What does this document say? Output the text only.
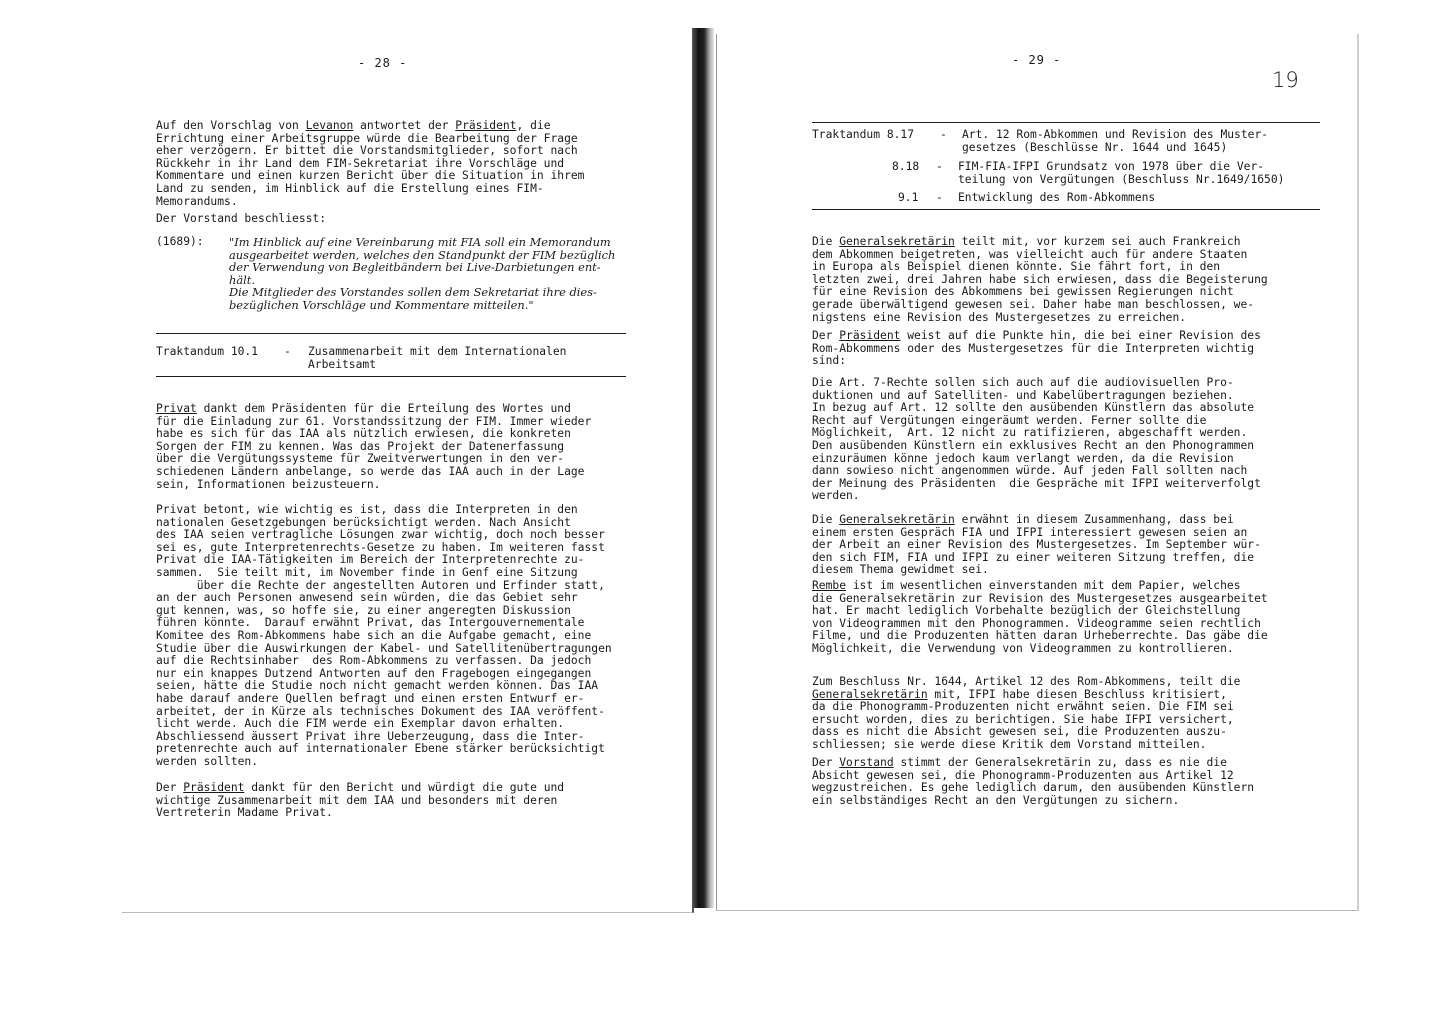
- 28 -
Auf den Vorschlag von Levanon antwortet der Präsident, die
Errichtung einer Arbeitsgruppe würde die Bearbeitung der Frage
eher verzögern. Er bittet die Vorstandsmitglieder, sofort nach
Rückkehr in ihr Land dem FIM-Sekretariat ihre Vorschläge und
Kommentare und einen kurzen Bericht über die Situation in ihrem
Land zu senden, im Hinblick auf die Erstellung eines FIM-
Memorandums.
Der Vorstand beschliesst:
(1689): "Im Hinblick auf eine Vereinbarung mit FIA soll ein Memorandum
ausgearbeitet werden, welches den Standpunkt der FIM bezüglich
der Verwendung von Begleitbändern bei Live-Darbietungen ent-
hält.
Die Mitglieder des Vorstandes sollen dem Sekretariat ihre dies-
bezüglichen Vorschläge und Kommentare mitteilen."
Traktandum 10.1 - Zusammenarbeit mit dem Internationalen
Arbeitsamt
Privat dankt dem Präsidenten für die Erteilung des Wortes und
für die Einladung zur 61. Vorstandssitzung der FIM. Immer wieder
habe es sich für das IAA als nützlich erwiesen, die konkreten
Sorgen der FIM zu kennen. Was das Projekt der Datenerfassung
über die Vergütungssysteme für Zweitverwertungen in den ver-
schiedenen Ländern anbelange, so werde das IAA auch in der Lage
sein, Informationen beizusteuern.
Privat betont, wie wichtig es ist, dass die Interpreten in den
nationalen Gesetzgebungen berücksichtigt werden. Nach Ansicht
des IAA seien vertragliche Lösungen zwar wichtig, doch noch besser
sei es, gute Interpretenrechts-Gesetze zu haben. Im weiteren fasst
Privat die IAA-Tätigkeiten im Bereich der Interpretenrechte zu-
sammen.  Sie teilt mit, im November finde in Genf eine Sitzung
über die Rechte der angestellten Autoren und Erfinder statt,
an der auch Personen anwesend sein würden, die das Gebiet sehr
gut kennen, was, so hoffe sie, zu einer angeregten Diskussion
führen könnte.  Darauf erwähnt Privat, das Intergouvernementale
Komitee des Rom-Abkommens habe sich an die Aufgabe gemacht, eine
Studie über die Auswirkungen der Kabel- und Satellitenübertragungen
auf die Rechtsinhaber  des Rom-Abkommens zu verfassen. Da jedoch
nur ein knappes Dutzend Antworten auf den Fragebogen eingegangen
seien, hätte die Studie noch nicht gemacht werden können. Das IAA
habe darauf andere Quellen befragt und einen ersten Entwurf er-
arbeitet, der in Kürze als technisches Dokument des IAA veröffent-
licht werde. Auch die FIM werde ein Exemplar davon erhalten.
Abschliessend äussert Privat ihre Ueberzeugung, dass die Inter-
pretenrechte auch auf internationaler Ebene stärker berücksichtigt
werden sollten.
Der Präsident dankt für den Bericht und würdigt die gute und
wichtige Zusammenarbeit mit dem IAA und besonders mit deren
Vertreterin Madame Privat.
- 29 -
19
Traktandum 8.17 - Art. 12 Rom-Abkommen und Revision des Muster-
gesetzes (Beschlüsse Nr. 1644 und 1645)
8.18 - FIM-FIA-IFPI Grundsatz von 1978 über die Ver-
teilung von Vergütungen (Beschluss Nr.1649/1650)
9.1 - Entwicklung des Rom-Abkommens
Die Generalsekretärin teilt mit, vor kurzem sei auch Frankreich
dem Abkommen beigetreten, was vielleicht auch für andere Staaten
in Europa als Beispiel dienen könnte. Sie fährt fort, in den
letzten zwei, drei Jahren habe sich erwiesen, dass die Begeisterung
für eine Revision des Abkommens bei gewissen Regierungen nicht
gerade überwältigend gewesen sei. Daher habe man beschlossen, we-
nigstens eine Revision des Mustergesetzes zu erreichen.
Der Präsident weist auf die Punkte hin, die bei einer Revision des
Rom-Abkommens oder des Mustergesetzes für die Interpreten wichtig
sind:
Die Art. 7-Rechte sollen sich auch auf die audiovisuellen Pro-
duktionen und auf Satelliten- und Kabelübertragungen beziehen.
In bezug auf Art. 12 sollte den ausübenden Künstlern das absolute
Recht auf Vergütungen eingeräumt werden. Ferner sollte die
Möglichkeit,  Art. 12 nicht zu ratifizieren, abgeschafft werden.
Den ausübenden Künstlern ein exklusives Recht an den Phonogrammen
einzuräumen könne jedoch kaum verlangt werden, da die Revision
dann sowieso nicht angenommen würde. Auf jeden Fall sollten nach
der Meinung des Präsidenten  die Gespräche mit IFPI weiterverfolgt
werden.
Die Generalsekretärin erwähnt in diesem Zusammenhang, dass bei
einem ersten Gespräch FIA und IFPI interessiert gewesen seien an
der Arbeit an einer Revision des Mustergesetzes. Im September wür-
den sich FIM, FIA und IFPI zu einer weiteren Sitzung treffen, die
diesem Thema gewidmet sei.
Rembe ist im wesentlichen einverstanden mit dem Papier, welches
die Generalsekretärin zur Revision des Mustergesetzes ausgearbeitet
hat. Er macht lediglich Vorbehalte bezüglich der Gleichstellung
von Videogrammen mit den Phonogrammen. Videogramme seien rechtlich
Filme, und die Produzenten hätten daran Urheberrechte. Das gäbe die
Möglichkeit, die Verwendung von Videogrammen zu kontrollieren.
Zum Beschluss Nr. 1644, Artikel 12 des Rom-Abkommens, teilt die
Generalsekretärin mit, IFPI habe diesen Beschluss kritisiert,
da die Phonogramm-Produzenten nicht erwähnt seien. Die FIM sei
ersucht worden, dies zu berichtigen. Sie habe IFPI versichert,
dass es nicht die Absicht gewesen sei, die Produzenten auszu-
schliessen; sie werde diese Kritik dem Vorstand mitteilen.
Der Vorstand stimmt der Generalsekretärin zu, dass es nie die
Absicht gewesen sei, die Phonogramm-Produzenten aus Artikel 12
wegzustreichen. Es gehe lediglich darum, den ausübenden Künstlern
ein selbständiges Recht an den Vergütungen zu sichern.
